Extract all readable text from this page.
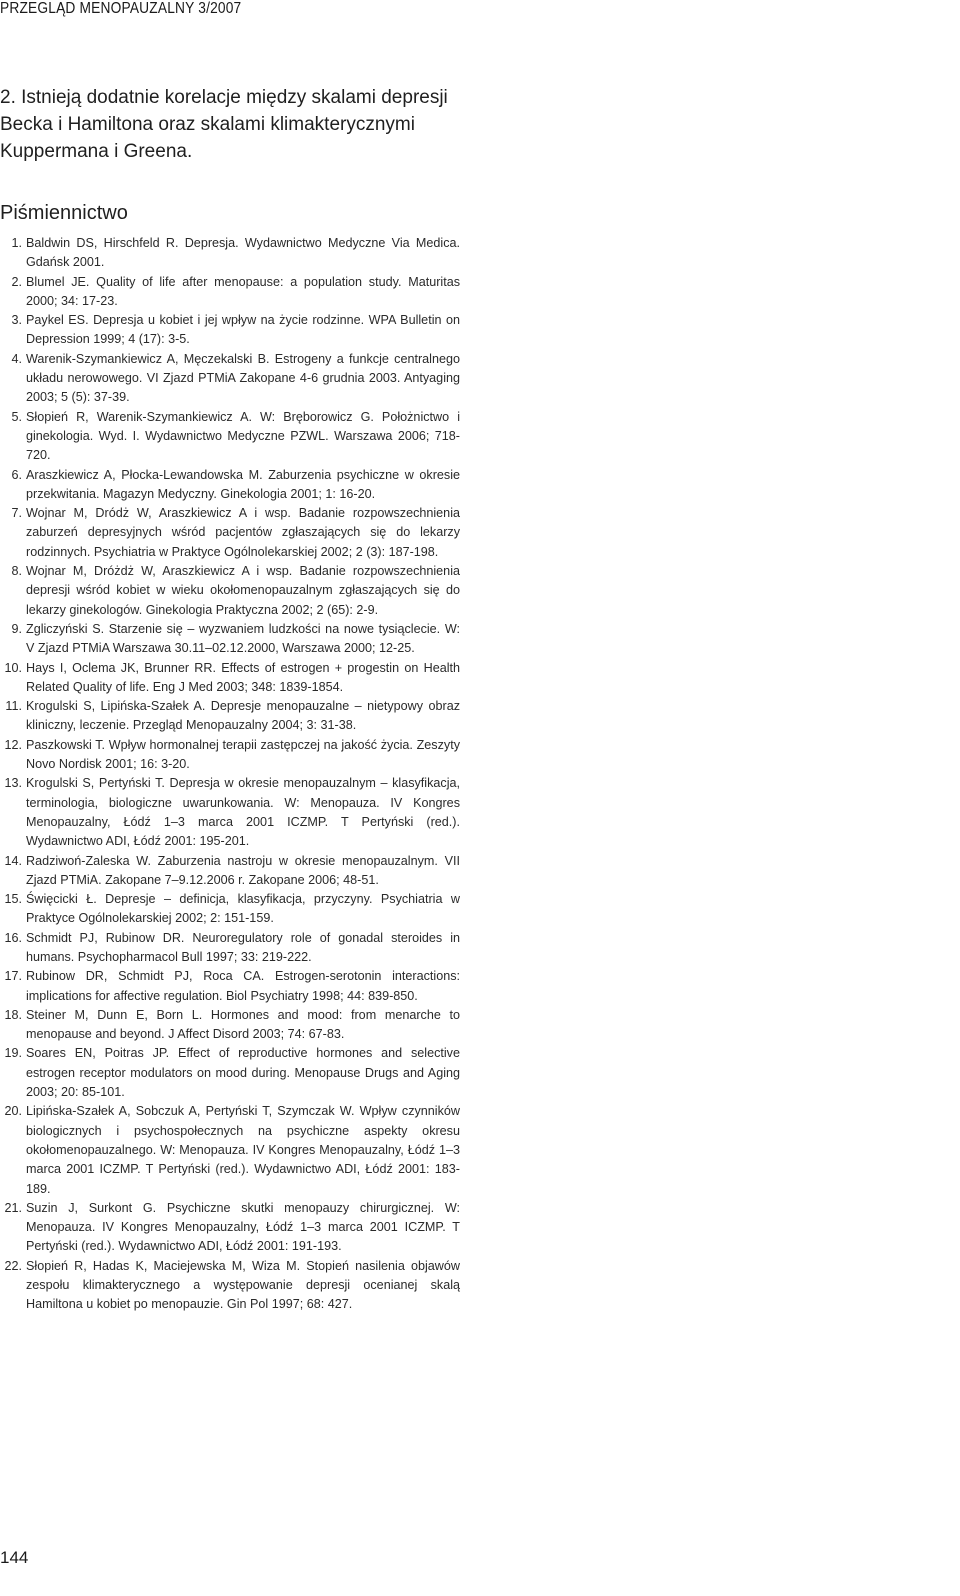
PRZEGLĄD MENOPAUZALNY 3/2007

2. Istnieją dodatnie korelacje między skalami depresji Becka i Hamiltona oraz skalami klimakterycznymi Kuppermana i Greena.

Piśmiennictwo
1. Baldwin DS, Hirschfeld R. Depresja. Wydawnictwo Medyczne Via Medica. Gdańsk 2001.
2. Blumel JE. Quality of life after menopause: a population study. Maturitas 2000; 34: 17-23.
3. Paykel ES. Depresja u kobiet i jej wpływ na życie rodzinne. WPA Bulletin on Depression 1999; 4 (17): 3-5.
4. Warenik-Szymankiewicz A, Męczekalski B. Estrogeny a funkcje centralnego układu nerowowego. VI Zjazd PTMiA Zakopane 4-6 grudnia 2003. Antyaging 2003; 5 (5): 37-39.
5. Słopień R, Warenik-Szymankiewicz A. W: Bręborowicz G. Położnictwo i ginekologia. Wyd. I. Wydawnictwo Medyczne PZWL. Warszawa 2006; 718-720.
6. Araszkiewicz A, Płocka-Lewandowska M. Zaburzenia psychiczne w okresie przekwitania. Magazyn Medyczny. Ginekologia 2001; 1: 16-20.
7. Wojnar M, Dródż W, Araszkiewicz A i wsp. Badanie rozpowszechnienia zaburzeń depresyjnych wśród pacjentów zgłaszających się do lekarzy rodzinnych. Psychiatria w Praktyce Ogólnolekarskiej 2002; 2 (3): 187-198.
8. Wojnar M, Dróżdż W, Araszkiewicz A i wsp. Badanie rozpowszechnienia depresji wśród kobiet w wieku okołomenopauzalnym zgłaszających się do lekarzy ginekologów. Ginekologia Praktyczna 2002; 2 (65): 2-9.
9. Zgliczyński S. Starzenie się – wyzwaniem ludzkości na nowe tysiąclecie. W: V Zjazd PTMiA Warszawa 30.11–02.12.2000, Warszawa 2000; 12-25.
10. Hays I, Oclema JK, Brunner RR. Effects of estrogen + progestin on Health Related Quality of life. Eng J Med 2003; 348: 1839-1854.
11. Krogulski S, Lipińska-Szałek A. Depresje menopauzalne – nietypowy obraz kliniczny, leczenie. Przegląd Menopauzalny 2004; 3: 31-38.
12. Paszkowski T. Wpływ hormonalnej terapii zastępczej na jakość życia. Zeszyty Novo Nordisk 2001; 16: 3-20.
13. Krogulski S, Pertyński T. Depresja w okresie menopauzalnym – klasyfikacja, terminologia, biologiczne uwarunkowania. W: Menopauza. IV Kongres Menopauzalny, Łódź 1–3 marca 2001 ICZMP. T Pertyński (red.). Wydawnictwo ADI, Łódź 2001: 195-201.
14. Radziwoń-Zaleska W. Zaburzenia nastroju w okresie menopauzalnym. VII Zjazd PTMiA. Zakopane 7–9.12.2006 r. Zakopane 2006; 48-51.
15. Święcicki Ł. Depresje – definicja, klasyfikacja, przyczyny. Psychiatria w Praktyce Ogólnolekarskiej 2002; 2: 151-159.
16. Schmidt PJ, Rubinow DR. Neuroregulatory role of gonadal steroides in humans. Psychopharmacol Bull 1997; 33: 219-222.
17. Rubinow DR, Schmidt PJ, Roca CA. Estrogen-serotonin interactions: implications for affective regulation. Biol Psychiatry 1998; 44: 839-850.
18. Steiner M, Dunn E, Born L. Hormones and mood: from menarche to menopause and beyond. J Affect Disord 2003; 74: 67-83.
19. Soares EN, Poitras JP. Effect of reproductive hormones and selective estrogen receptor modulators on mood during. Menopause Drugs and Aging 2003; 20: 85-101.
20. Lipińska-Szałek A, Sobczuk A, Pertyński T, Szymczak W. Wpływ czynników biologicznych i psychospołecznych na psychiczne aspekty okresu okołomenopauzalnego. W: Menopauza. IV Kongres Menopauzalny, Łódź 1–3 marca 2001 ICZMP. T Pertyński (red.). Wydawnictwo ADI, Łódź 2001: 183-189.
21. Suzin J, Surkont G. Psychiczne skutki menopauzy chirurgicznej. W: Menopauza. IV Kongres Menopauzalny, Łódź 1–3 marca 2001 ICZMP. T Pertyński (red.). Wydawnictwo ADI, Łódź 2001: 191-193.
22. Słopień R, Hadas K, Maciejewska M, Wiza M. Stopień nasilenia objawów zespołu klimakterycznego a występowanie depresji ocenianej skalą Hamiltona u kobiet po menopauzie. Gin Pol 1997; 68: 427.
144
